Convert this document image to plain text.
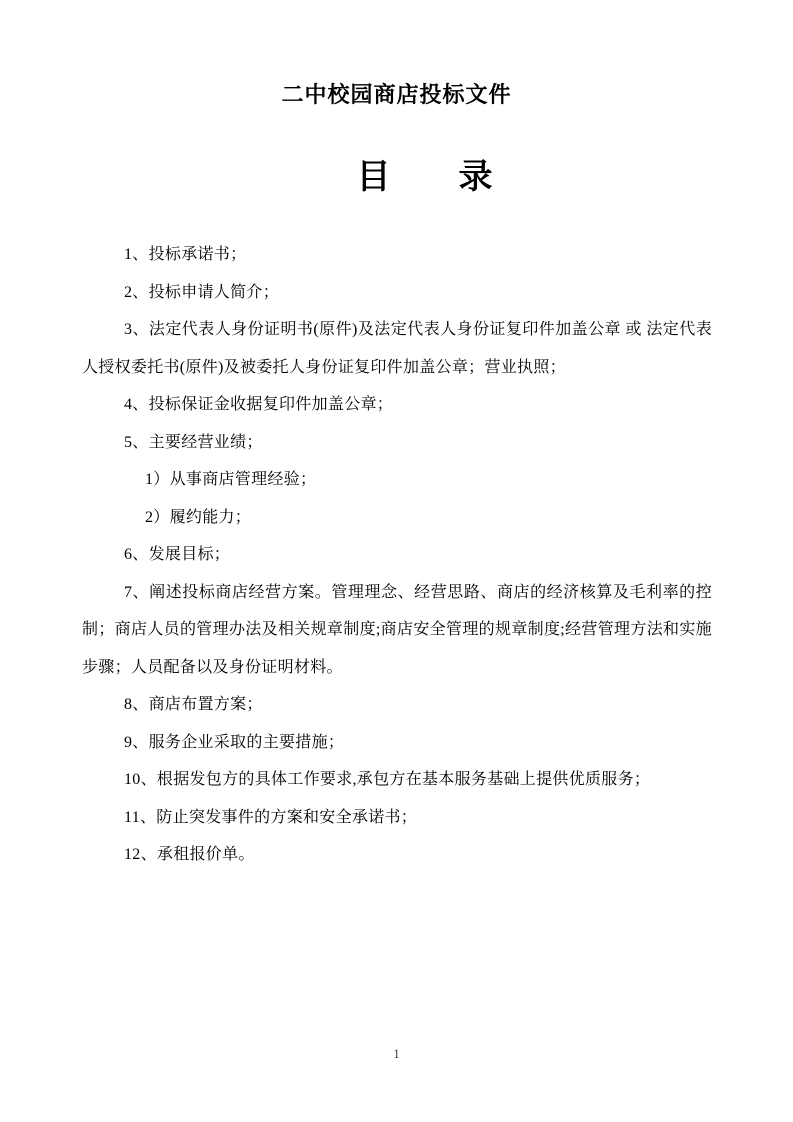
二中校园商店投标文件
目　　录

1、投标承诺书；

2、投标申请人简介；

3、法定代表人身份证明书(原件)及法定代表人身份证复印件加盖公章 或 法定代表人授权委托书(原件)及被委托人身份证复印件加盖公章；营业执照；

4、投标保证金收据复印件加盖公章；

5、主要经营业绩；

1）从事商店管理经验；

2）履约能力；

6、发展目标；

7、阐述投标商店经营方案。管理理念、经营思路、商店的经济核算及毛利率的控制；商店人员的管理办法及相关规章制度;商店安全管理的规章制度;经营管理方法和实施步骤；人员配备以及身份证明材料。

8、商店布置方案；

9、服务企业采取的主要措施；

10、根据发包方的具体工作要求,承包方在基本服务基础上提供优质服务；

11、防止突发事件的方案和安全承诺书；

12、承租报价单。

1
